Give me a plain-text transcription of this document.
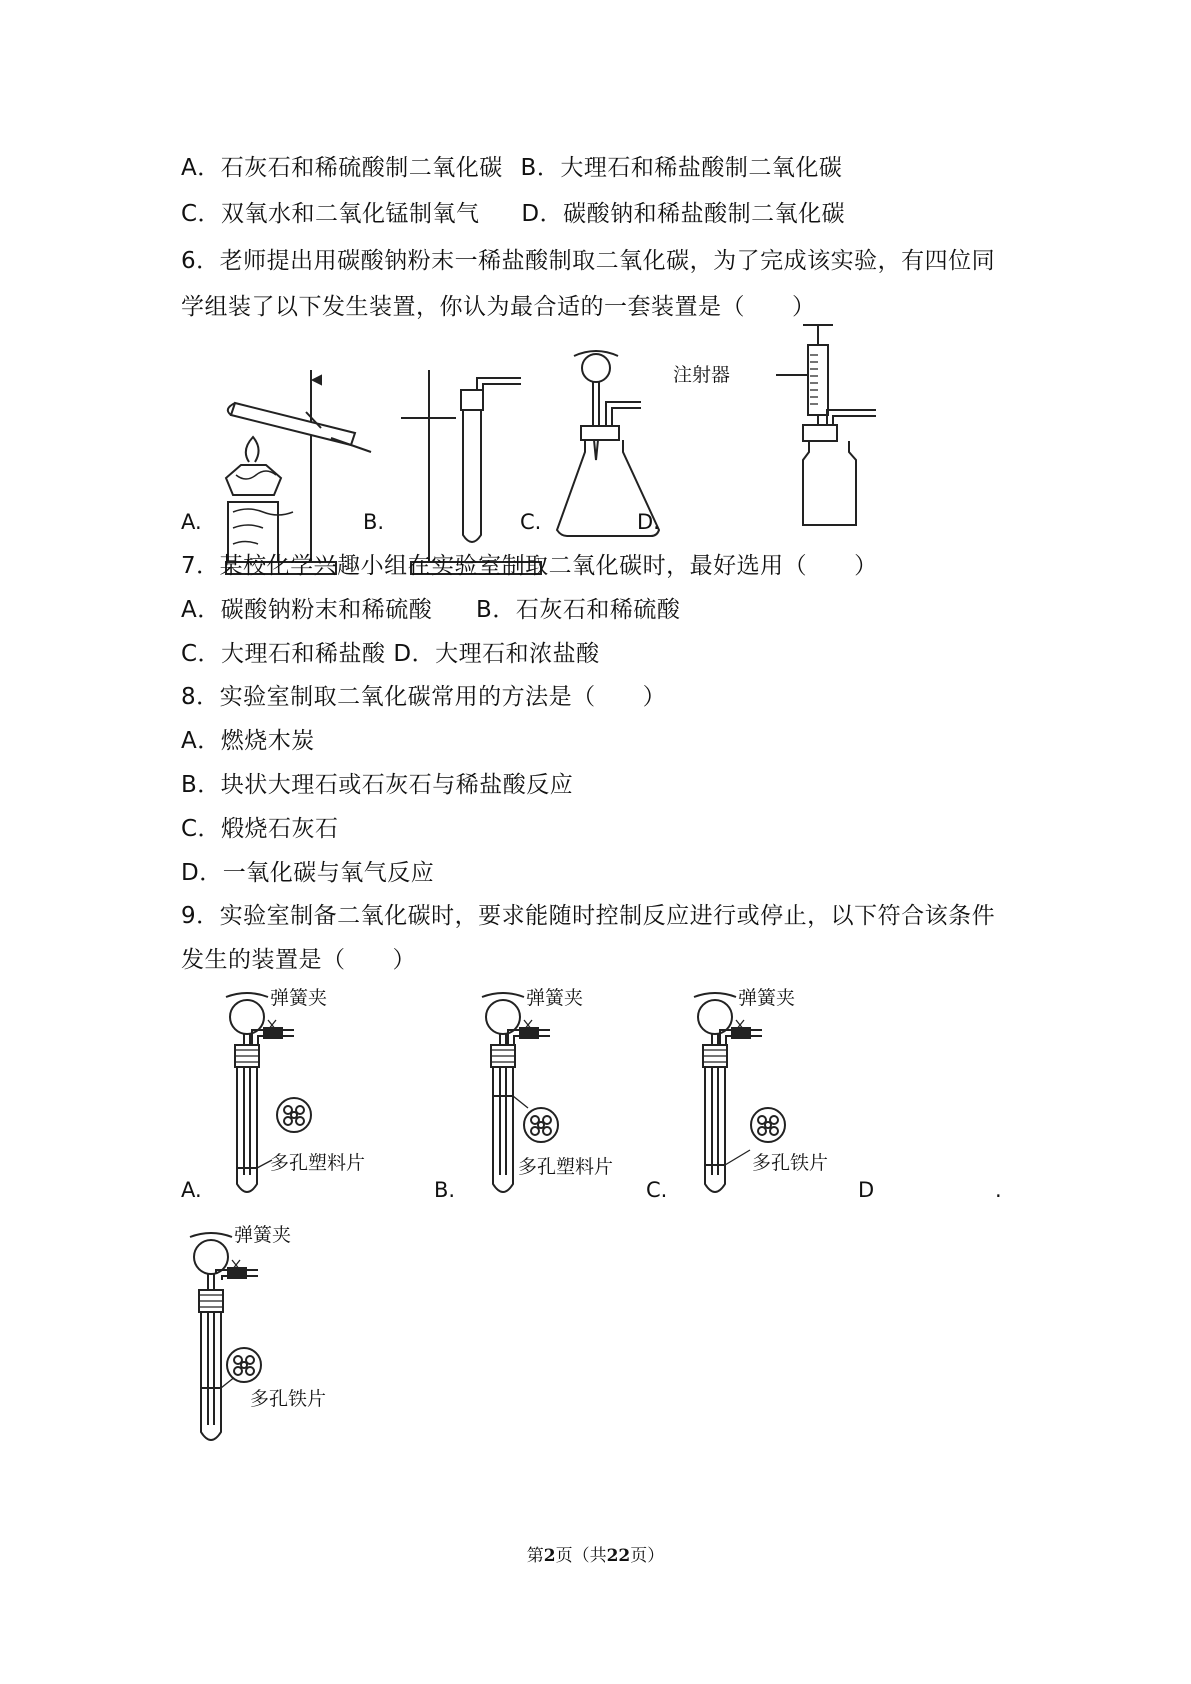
A．石灰石和稀硫酸制二氧化碳 B．大理石和稀盐酸制二氧化碳
C．双氧水和二氧化锰制氧气 D．碳酸钠和稀盐酸制二氧化碳
6．老师提出用碳酸钠粉末一稀盐酸制取二氧化碳，为了完成该实验，有四位同
学组装了以下发生装置，你认为最合适的一套装置是（　　）
注射器
A.	B.	C.	D.
7．某校化学兴趣小组在实验室制取二氧化碳时，最好选用（　　）
A．碳酸钠粉末和稀硫酸 B．石灰石和稀硫酸
C．大理石和稀盐酸 D．大理石和浓盐酸
8．实验室制取二氧化碳常用的方法是（　　）
A．燃烧木炭
B．块状大理石或石灰石与稀盐酸反应
C．煅烧石灰石
D．一氧化碳与氧气反应
9．实验室制备二氧化碳时，要求能随时控制反应进行或停止，以下符合该条件
发生的装置是（　　）
弹簧夹
多孔塑料片
弹簧夹
多孔塑料片
弹簧夹
多孔铁片
弹簧夹
多孔铁片
A.	B.	C.	D	.
第2页（共22页）
